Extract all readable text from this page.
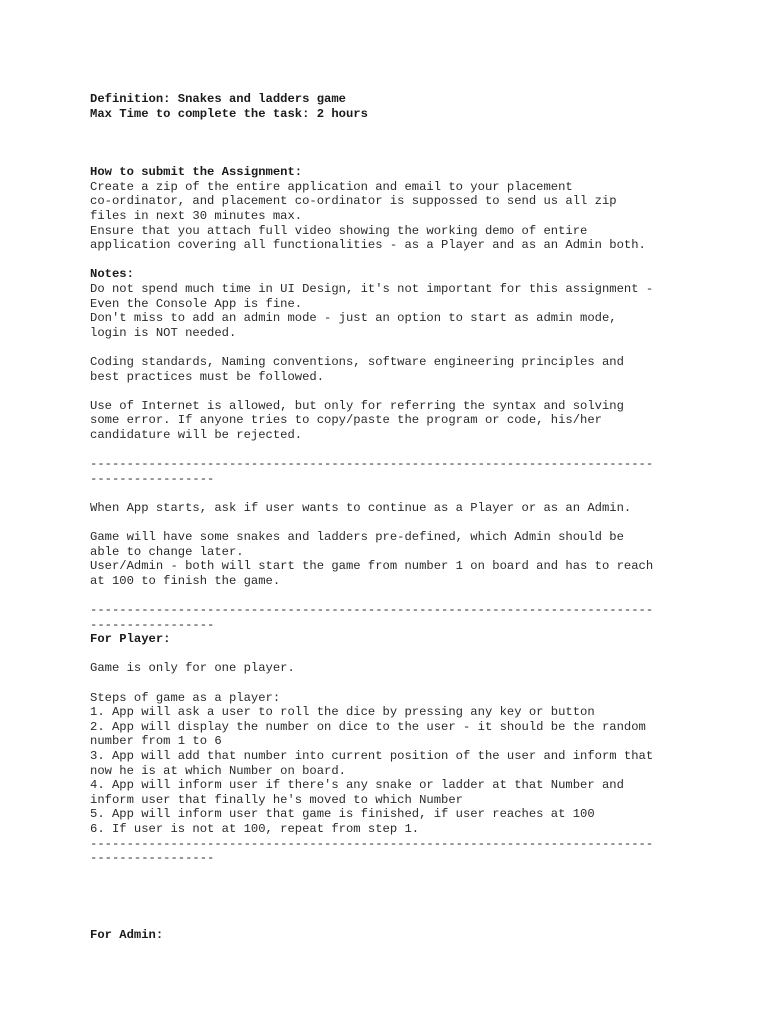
Definition: Snakes and ladders game
Max Time to complete the task: 2 hours
How to submit the Assignment:
Create a zip of the entire application and email to your placement
co-ordinator, and placement co-ordinator is suppossed to send us all zip
files in next 30 minutes max.
Ensure that you attach full video showing the working demo of entire
application covering all functionalities - as a Player and as an Admin both.
Notes:
Do not spend much time in UI Design, it's not important for this assignment -
Even the Console App is fine.
Don't miss to add an admin mode - just an option to start as admin mode,
login is NOT needed.
Coding standards, Naming conventions, software engineering principles and
best practices must be followed.
Use of Internet is allowed, but only for referring the syntax and solving
some error. If anyone tries to copy/paste the program or code, his/her
candidature will be rejected.
-----------------------------------------------------------------------------
-----------------
When App starts, ask if user wants to continue as a Player or as an Admin.
Game will have some snakes and ladders pre-defined, which Admin should be
able to change later.
User/Admin - both will start the game from number 1 on board and has to reach
at 100 to finish the game.
-----------------------------------------------------------------------------
-----------------
For Player:
Game is only for one player.
Steps of game as a player:
1. App will ask a user to roll the dice by pressing any key or button
2. App will display the number on dice to the user - it should be the random
number from 1 to 6
3. App will add that number into current position of the user and inform that
now he is at which Number on board.
4. App will inform user if there's any snake or ladder at that Number and
inform user that finally he's moved to which Number
5. App will inform user that game is finished, if user reaches at 100
6. If user is not at 100, repeat from step 1.
-----------------------------------------------------------------------------
-----------------
For Admin:
